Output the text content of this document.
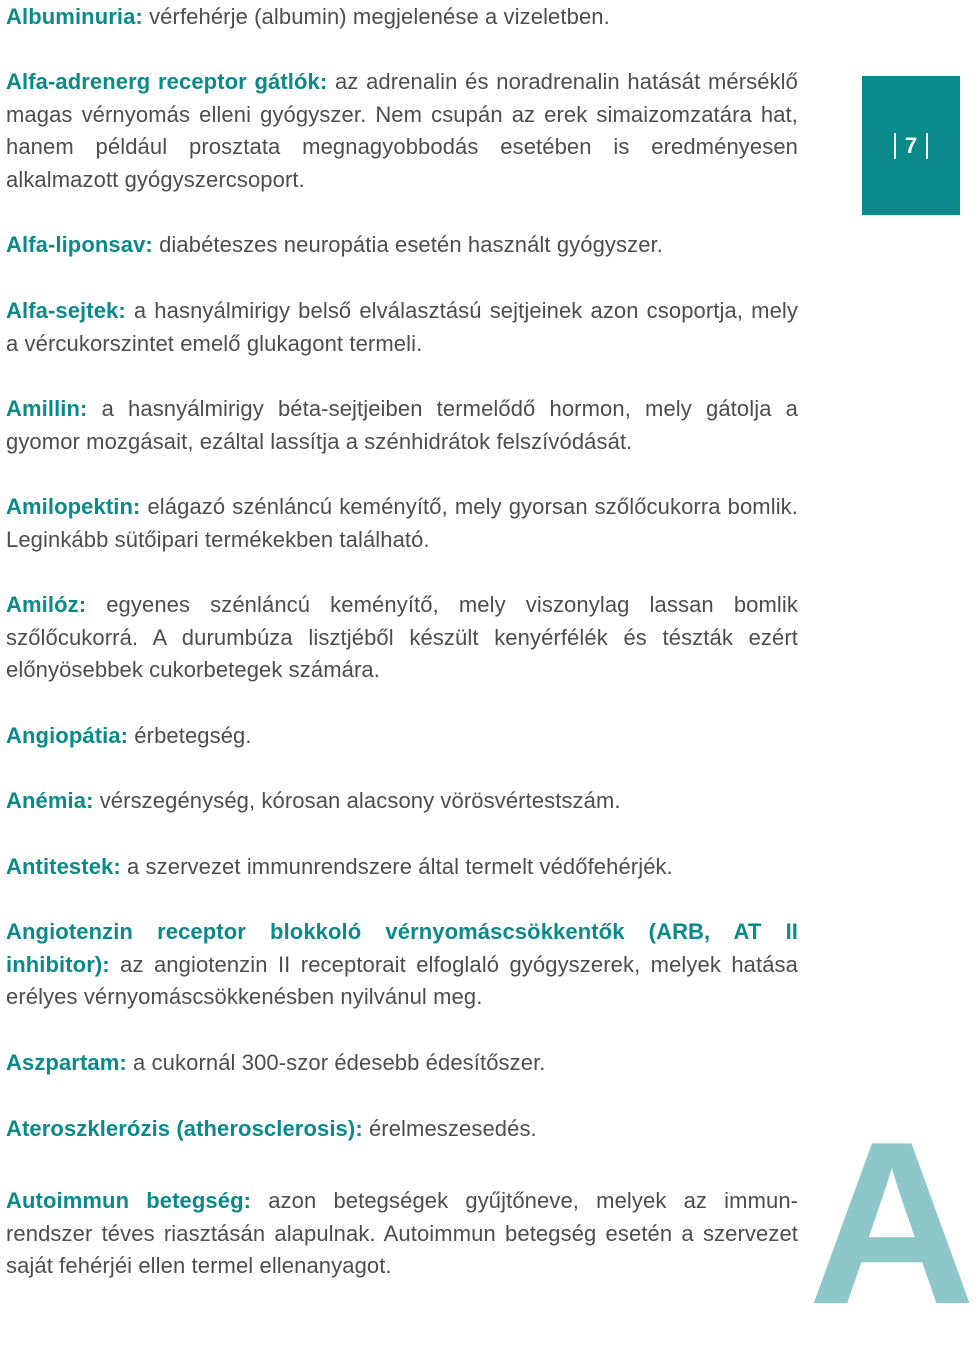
Albuminuria: vérfehérje (albumin) megjelenése a vizeletben.

Alfa-adrenerg receptor gátlók: az adrenalin és noradrenalin hatását mérséklő magas vérnyomás elleni gyógyszer. Nem csupán az erek simaizomzatára hat, hanem például prosztata megnagyobbodás esetében is eredményesen alkalmazott gyógyszercsoport.

Alfa-liponsav: diabéteszes neuropátia esetén használt gyógyszer.

Alfa-sejtek: a hasnyálmirigy belső elválasztású sejtjeinek azon csoportja, mely a vércukorszintet emelő glukagont termeli.

Amillin: a hasnyálmirigy béta-sejtjeiben termelődő hormon, mely gátolja a gyomor mozgásait, ezáltal lassítja a szénhidrátok felszívódását.

Amilopektin: elágazó szénláncú keményítő, mely gyorsan szőlőcukorra bomlik. Leginkább sütőipari termékekben található.

Amilóz: egyenes szénláncú keményítő, mely viszonylag lassan bomlik szőlőcukorrá. A durumbúza lisztjéből készült kenyérfélék és tészták ezért előnyösebbek cukorbetegek számára.

Angiopátia: érbetegség.

Anémia: vérszegénység, kórosan alacsony vörösvértestszám.

Antitestek: a szervezet immunrendszere által termelt védőfehérjék.

Angiotenzin receptor blokkoló vérnyomáscsökkentők (ARB, AT II inhibitor): az angiotenzin II receptorait elfoglaló gyógyszerek, melyek hatása erélyes vérnyomáscsökkenésben nyilvánul meg.

Aszpartam: a cukornál 300-szor édesebb édesítőszer.

Ateroszklerózis (atherosclerosis): érelmeszesedés.

Autoimmun betegség: azon betegségek gyűjtőneve, melyek az immunrendszer téves riasztásán alapulnak. Autoimmun betegség esetén a szervezet saját fehérjéi ellen termel ellenanyagot.

7
A
